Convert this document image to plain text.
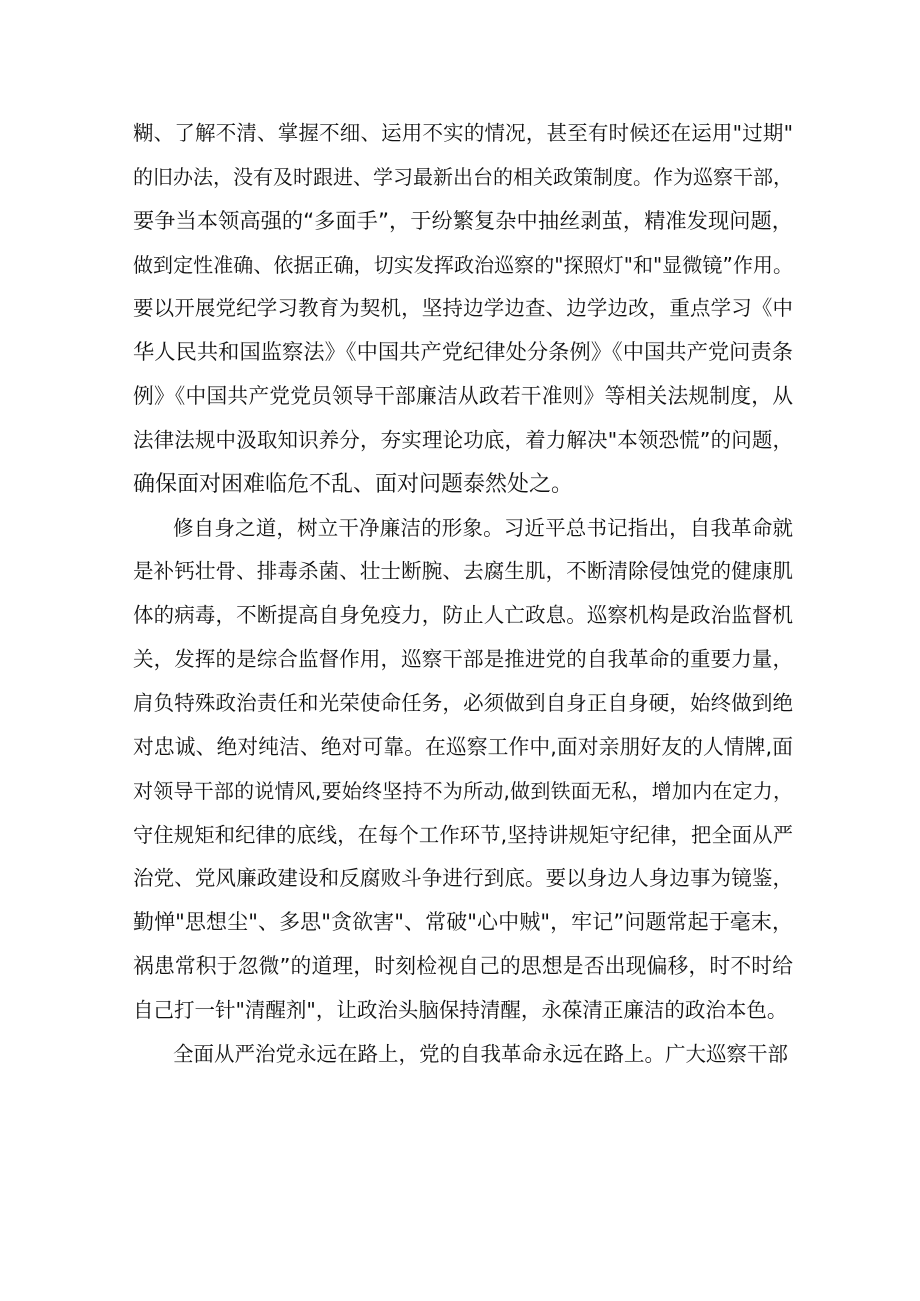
糊、了解不清、掌握不细、运用不实的情况，甚至有时候还在运用"过期"
的旧办法，没有及时跟进、学习最新出台的相关政策制度。作为巡察干部，
要争当本领高强的“多面手”，于纷繁复杂中抽丝剥茧，精准发现问题，
做到定性准确、依据正确，切实发挥政治巡察的"探照灯"和"显微镜”作用。
要以开展党纪学习教育为契机，坚持边学边查、边学边改，重点学习《中
华人民共和国监察法》《中国共产党纪律处分条例》《中国共产党问责条
例》《中国共产党党员领导干部廉洁从政若干准则》等相关法规制度，从
法律法规中汲取知识养分，夯实理论功底，着力解决"本领恐慌”的问题，
确保面对困难临危不乱、面对问题泰然处之。
修自身之道，树立干净廉洁的形象。习近平总书记指出，自我革命就
是补钙壮骨、排毒杀菌、壮士断腕、去腐生肌，不断清除侵蚀党的健康肌
体的病毒，不断提高自身免疫力，防止人亡政息。巡察机构是政治监督机
关，发挥的是综合监督作用，巡察干部是推进党的自我革命的重要力量，
肩负特殊政治责任和光荣使命任务，必须做到自身正自身硬，始终做到绝
对忠诚、绝对纯洁、绝对可靠。在巡察工作中,面对亲朋好友的人情牌,面
对领导干部的说情风,要始终坚持不为所动,做到铁面无私，增加内在定力，
守住规矩和纪律的底线，在每个工作环节,坚持讲规矩守纪律，把全面从严
治党、党风廉政建设和反腐败斗争进行到底。要以身边人身边事为镜鉴，
勤惮"思想尘"、多思"贪欲害"、常破"心中贼"，牢记”问题常起于毫末，
祸患常积于忽微”的道理，时刻检视自己的思想是否出现偏移，时不时给
自己打一针"清醒剂"，让政治头脑保持清醒，永葆清正廉洁的政治本色。
全面从严治党永远在路上，党的自我革命永远在路上。广大巡察干部
